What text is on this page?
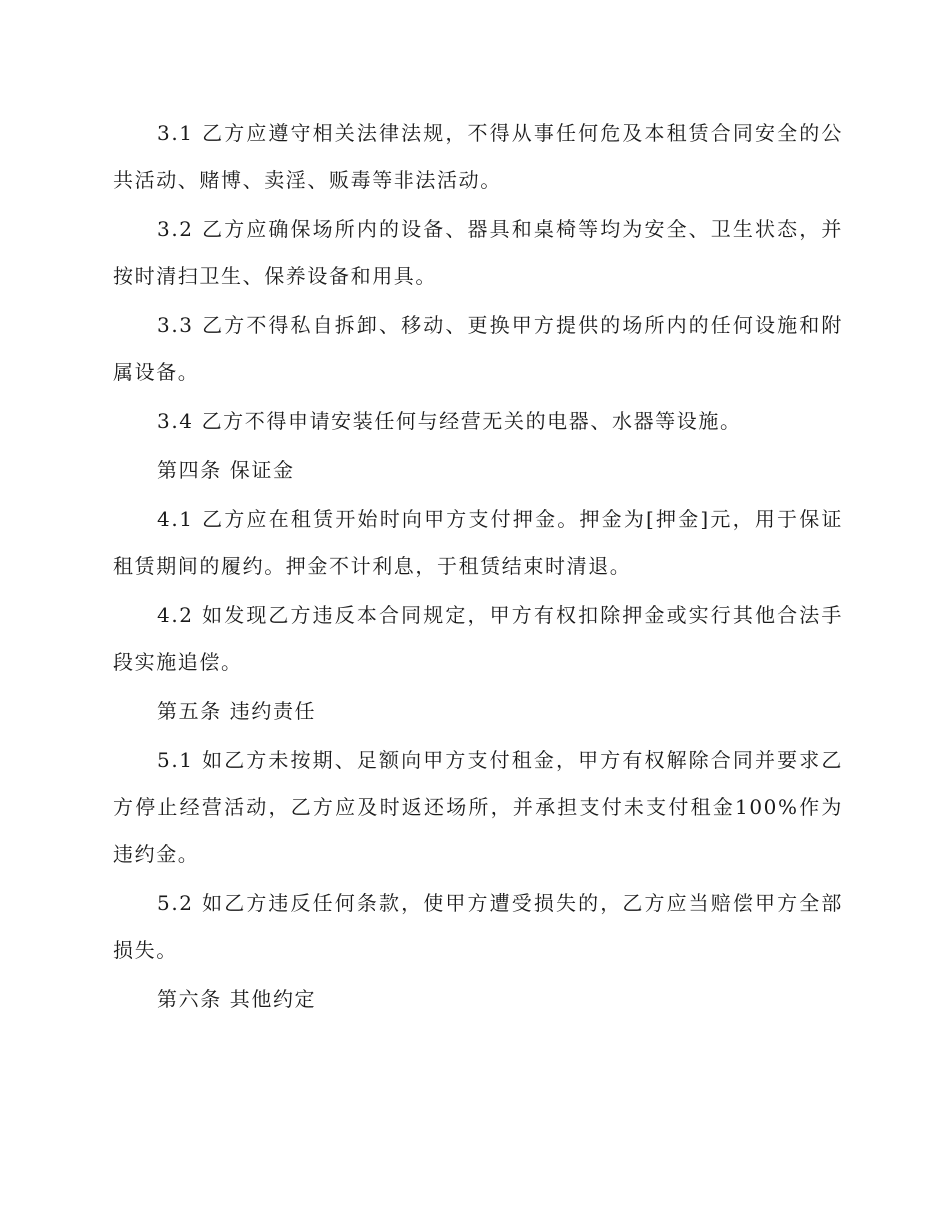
3.1 乙方应遵守相关法律法规，不得从事任何危及本租赁合同安全的公共活动、赌博、卖淫、贩毒等非法活动。

3.2 乙方应确保场所内的设备、器具和桌椅等均为安全、卫生状态，并按时清扫卫生、保养设备和用具。

3.3 乙方不得私自拆卸、移动、更换甲方提供的场所内的任何设施和附属设备。

3.4 乙方不得申请安装任何与经营无关的电器、水器等设施。

第四条 保证金

4.1 乙方应在租赁开始时向甲方支付押金。押金为[押金]元，用于保证租赁期间的履约。押金不计利息，于租赁结束时清退。

4.2 如发现乙方违反本合同规定，甲方有权扣除押金或实行其他合法手段实施追偿。

第五条 违约责任

5.1 如乙方未按期、足额向甲方支付租金，甲方有权解除合同并要求乙方停止经营活动，乙方应及时返还场所，并承担支付未支付租金100%作为违约金。

5.2 如乙方违反任何条款，使甲方遭受损失的，乙方应当赔偿甲方全部损失。

第六条 其他约定
